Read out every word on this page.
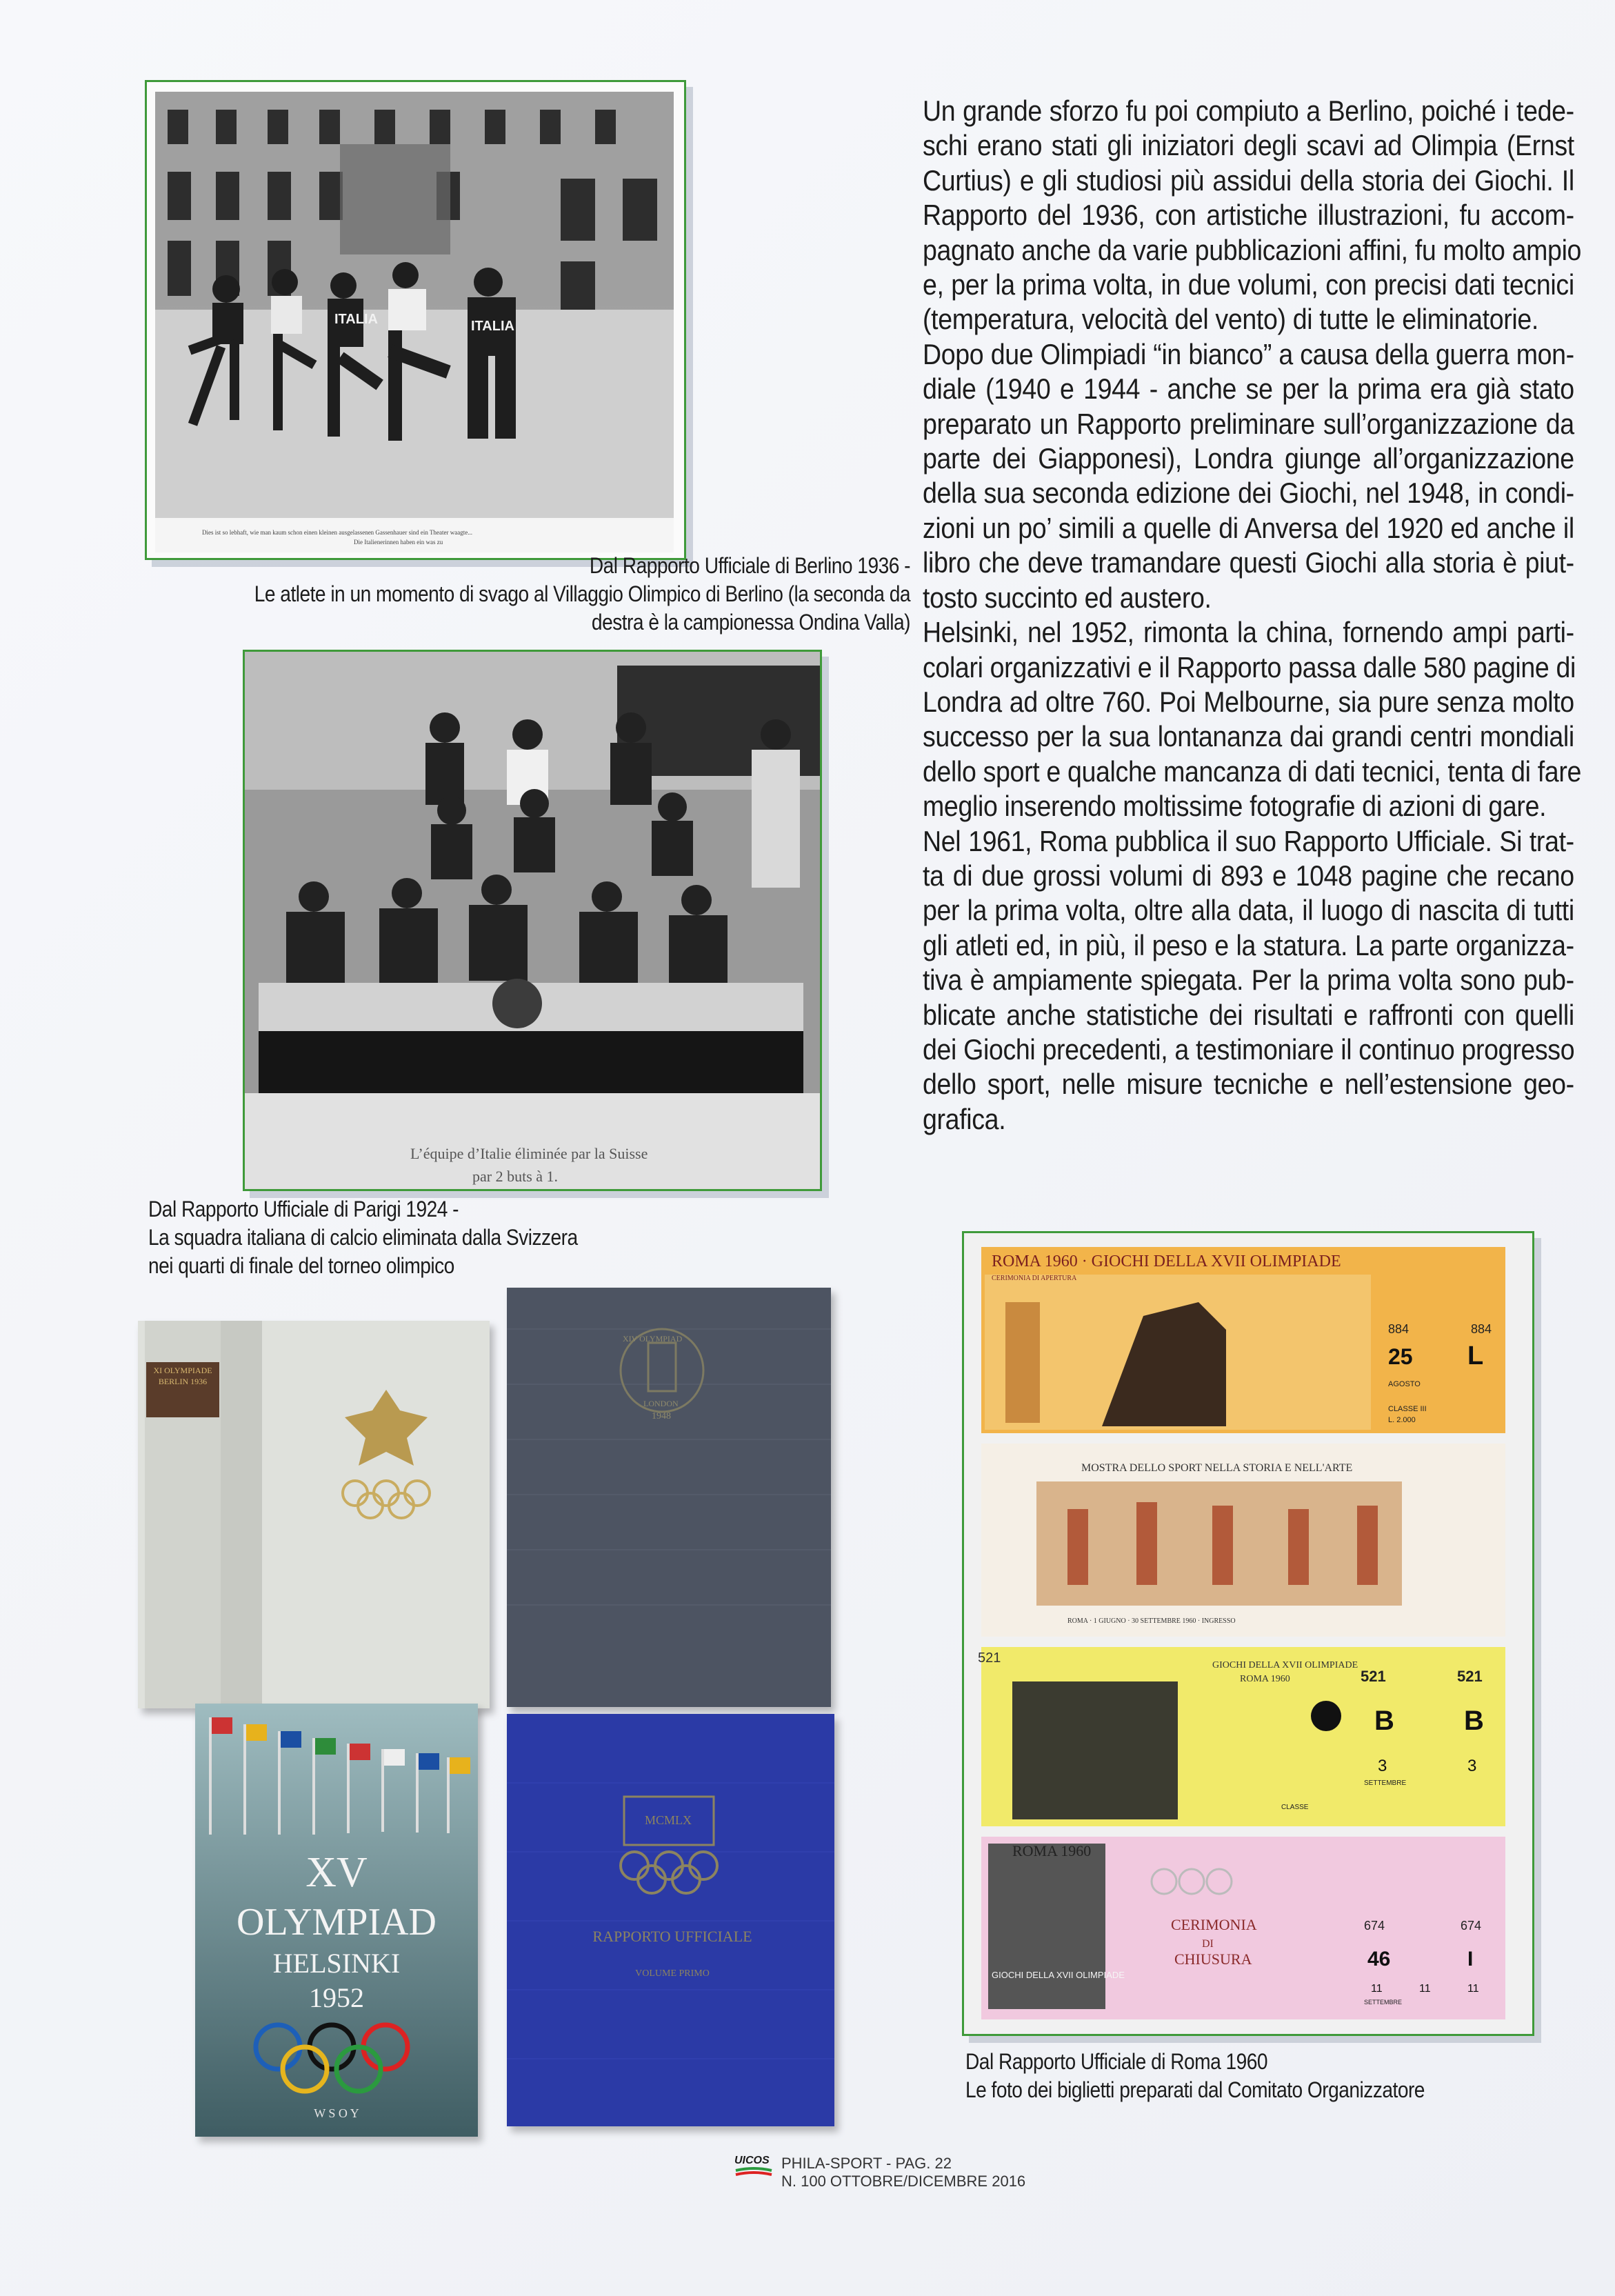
ITALIA	ITALIA
Dies ist so lebhaft, wie man kaum schon einen kleinen ausgelassenen Gassenhauer sind ein Theater waagte...
Die Italienerinnen haben ein was zu
Dal Rapporto Ufficiale di Berlino 1936 -
Le atlete in un momento di svago al Villaggio Olimpico di Berlino (la seconda da
destra è la campionessa Ondina Valla)
L’équipe d’Italie éliminée par la Suisse
par 2 buts à 1.
Dal Rapporto Ufficiale di Parigi 1924 -
La squadra italiana di calcio eliminata dalla Svizzera
nei quarti di finale del torneo olimpico
XI OLYMPIADE BERLIN 1936
XIV OLYMPIAD
LONDON
1948
XV
OLYMPIAD
HELSINKI
1952
W S O Y
MCMLX
RAPPORTO UFFICIALE
VOLUME PRIMO
ROMA 1960 · GIOCHI DELLA XVII OLIMPIADE
CERIMONIA DI APERTURA
884	884
25 L
AGOSTO
CLASSE III
L. 2.000
MOSTRA DELLO SPORT NELLA STORIA E NELL'ARTE
ROMA · 1 GIUGNO · 30 SETTEMBRE 1960 · INGRESSO
521	GIOCHI DELLA XVII OLIMPIADE
ROMA 1960	521	521
B	B
3	3
SETTEMBRE
CLASSE
ROMA 1960
GIOCHI DELLA XVII OLIMPIADE
CERIMONIA
DI
CHIUSURA
674	674
46	I
11	11	11
SETTEMBRE
Dal Rapporto Ufficiale di Roma 1960
Le foto dei biglietti preparati dal Comitato Organizzatore
Un grande sforzo fu poi compiuto a Berlino, poiché i tede-
schi erano stati gli iniziatori degli scavi ad Olimpia (Ernst
Curtius) e gli studiosi più assidui della storia dei Giochi. Il
Rapporto del 1936, con artistiche illustrazioni, fu accom-
pagnato anche da varie pubblicazioni affini, fu molto ampio
e, per la prima volta, in due volumi, con precisi dati tecnici
(temperatura, velocità del vento) di tutte le eliminatorie.
Dopo due Olimpiadi “in bianco” a causa della guerra mon-
diale (1940 e 1944 - anche se per la prima era già stato
preparato un Rapporto preliminare sull’organizzazione da
parte dei Giapponesi), Londra giunge all’organizzazione
della sua seconda edizione dei Giochi, nel 1948, in condi-
zioni un po’ simili a quelle di Anversa del 1920 ed anche il
libro che deve tramandare questi Giochi alla storia è piut-
tosto succinto ed austero.
Helsinki, nel 1952, rimonta la china, fornendo ampi parti-
colari organizzativi e il Rapporto passa dalle 580 pagine di
Londra ad oltre 760. Poi Melbourne, sia pure senza molto
successo per la sua lontananza dai grandi centri mondiali
dello sport e qualche mancanza di dati tecnici, tenta di fare
meglio inserendo moltissime fotografie di azioni di gare.
Nel 1961, Roma pubblica il suo Rapporto Ufficiale. Si trat-
ta di due grossi volumi di 893 e 1048 pagine che recano
per la prima volta, oltre alla data, il luogo di nascita di tutti
gli atleti ed, in più, il peso e la statura. La parte organizza-
tiva è ampiamente spiegata. Per la prima volta sono pub-
blicate anche statistiche dei risultati e raffronti con quelli
dei Giochi precedenti, a testimoniare il continuo progresso
dello sport, nelle misure tecniche e nell’estensione geo-
grafica.
UICOS PHILA-SPORT - PAG. 22
N. 100 OTTOBRE/DICEMBRE 2016
